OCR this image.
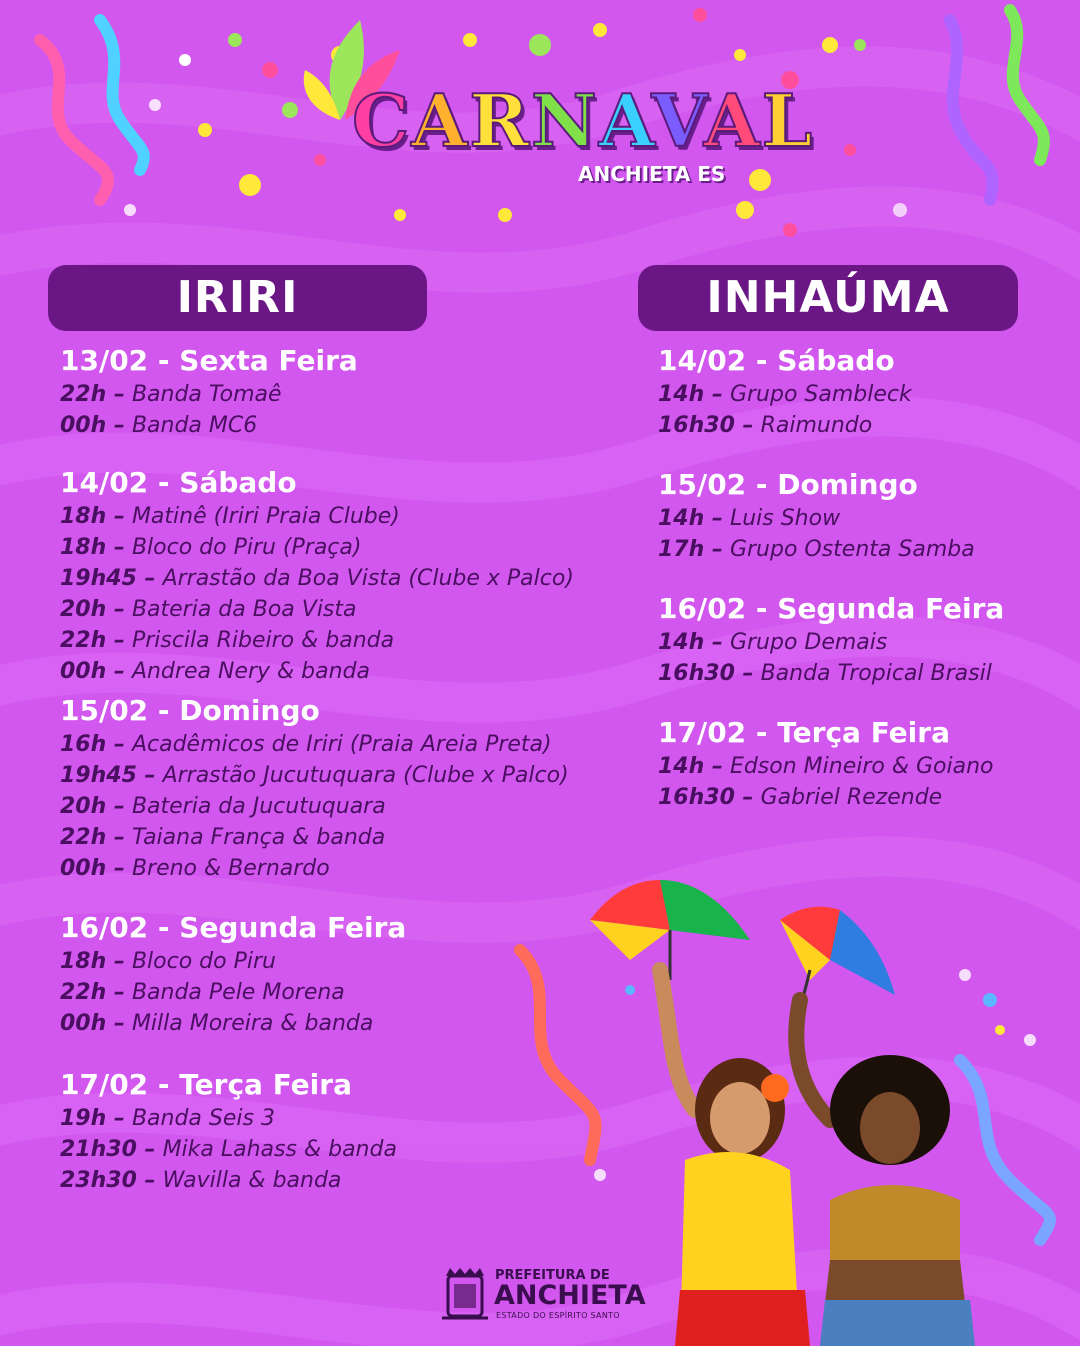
CARNAVAL
ANCHIETA ES
IRIRI	INHAÚMA
13/02 - Sexta Feira
22h – Banda Tomaê
00h – Banda MC6
14/02 - Sábado
18h – Matinê (Iriri Praia Clube)
18h – Bloco do Piru (Praça)
19h45 – Arrastão da Boa Vista (Clube x Palco)
20h – Bateria da Boa Vista
22h – Priscila Ribeiro & banda
00h – Andrea Nery & banda
15/02 - Domingo
16h – Acadêmicos de Iriri (Praia Areia Preta)
19h45 – Arrastão Jucutuquara (Clube x Palco)
20h – Bateria da Jucutuquara
22h – Taiana França & banda
00h – Breno & Bernardo
16/02 - Segunda Feira
18h – Bloco do Piru
22h – Banda Pele Morena
00h – Milla Moreira & banda
17/02 - Terça Feira
19h – Banda Seis 3
21h30 – Mika Lahass & banda
23h30 – Wavilla & banda
14/02 - Sábado
14h – Grupo Sambleck
16h30 – Raimundo
15/02 - Domingo
14h – Luis Show
17h – Grupo Ostenta Samba
16/02 - Segunda Feira
14h – Grupo Demais
16h30 – Banda Tropical Brasil
17/02 - Terça Feira
14h – Edson Mineiro & Goiano
16h30 – Gabriel Rezende
PREFEITURA DE
ANCHIETA
ESTADO DO ESPÍRITO SANTO
